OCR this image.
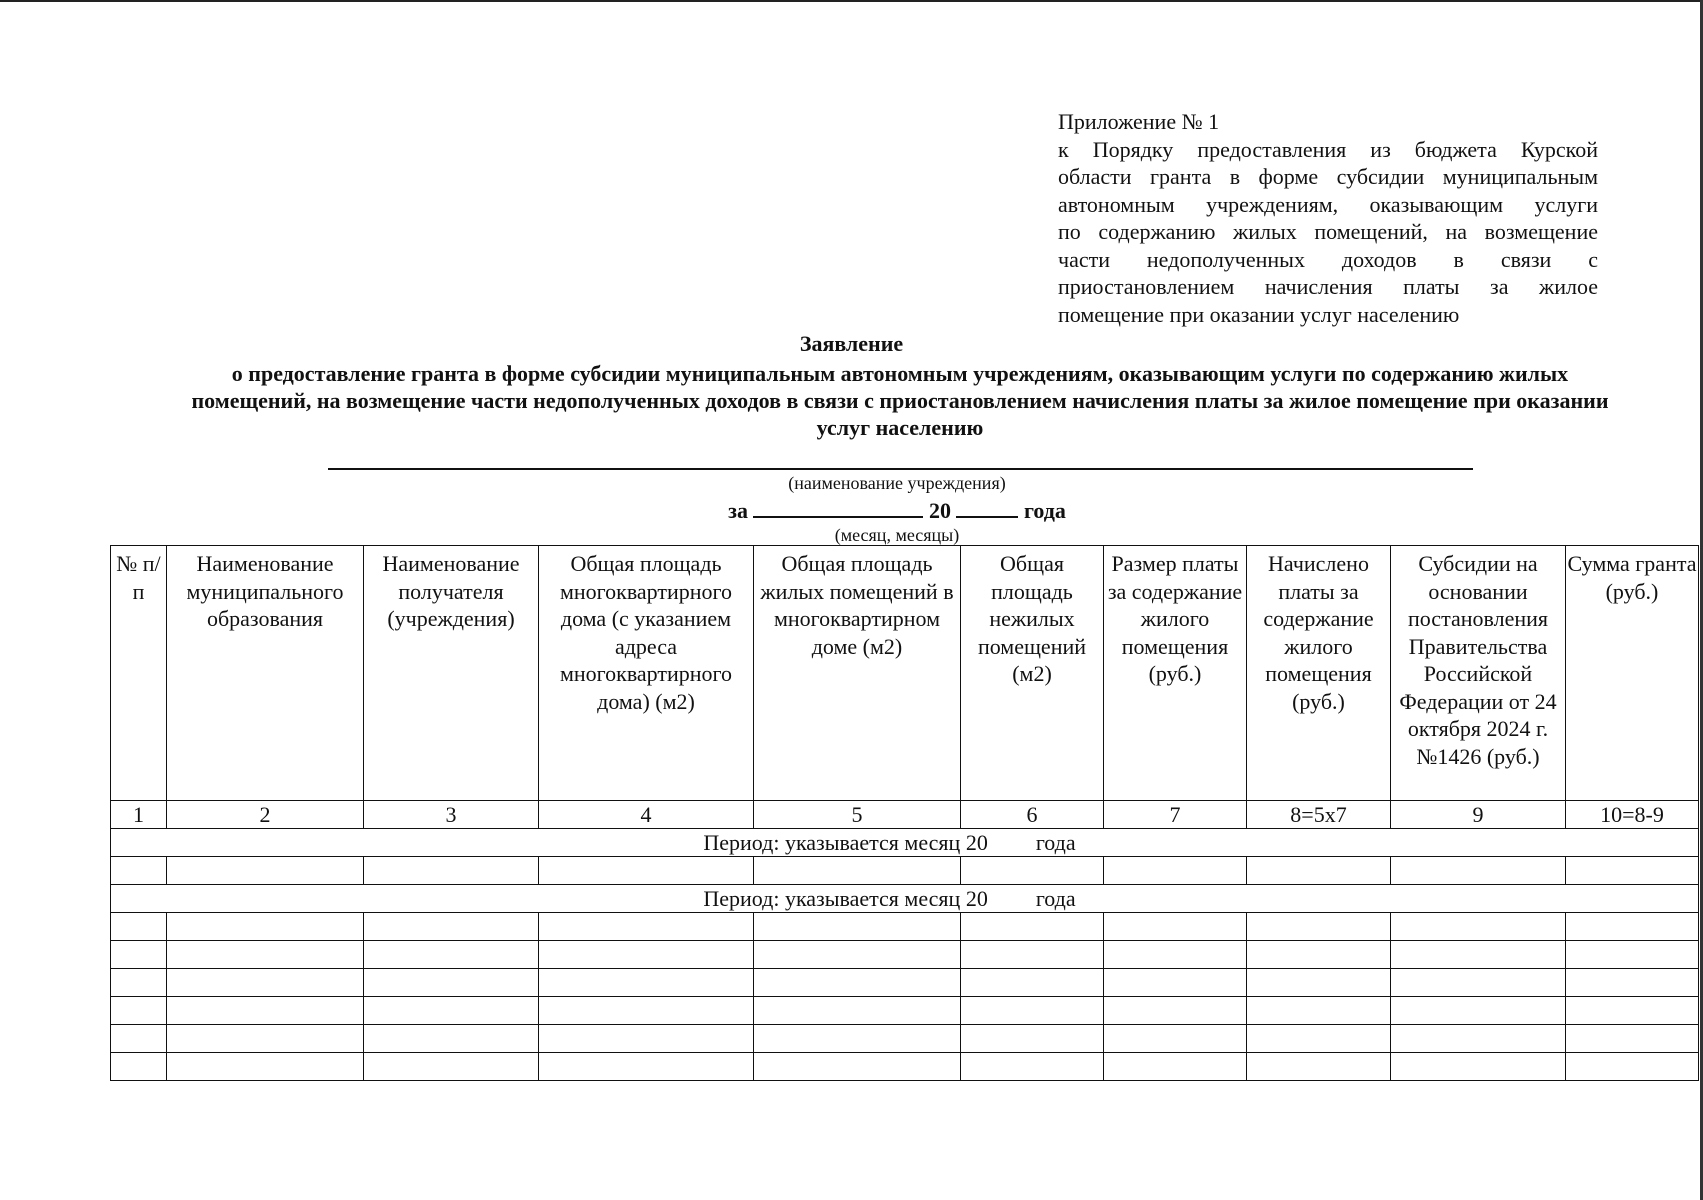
Приложение № 1
к Порядку предоставления из бюджета Курской
области гранта в форме субсидии муниципальным
автономным учреждениям, оказывающим услуги
по содержанию жилых помещений, на возмещение
части недополученных доходов в связи с
приостановлением начисления платы за жилое
помещение при оказании услуг населению
Заявление
о предоставление гранта в форме субсидии муниципальным автономным учреждениям, оказывающим услуги по содержанию жилых помещений, на возмещение части недополученных доходов в связи с приостановлением начисления платы за жилое помещение при оказании услуг населению
(наименование учреждения)
за	20	года
(месяц, месяцы)
№ п/п	Наименование муниципального образования	Наименование получателя (учреждения)	Общая площадь многоквартирного дома (с указанием адреса многоквартирного дома) (м2)	Общая площадь жилых помещений в многоквартирном доме (м2)	Общая площадь нежилых помещений (м2)	Размер платы за содержание жилого помещения (руб.)	Начислено платы за содержание жилого помещения (руб.)	Субсидии на основании постановления Правительства Российской Федерации от 24 октября 2024 г. №1426 (руб.)	Сумма гранта (руб.)
1	2	3	4	5	6	7	8=5х7	9	10=8-9
Период: указывается месяц 20 года									

Период: указывается месяц 20 года									
